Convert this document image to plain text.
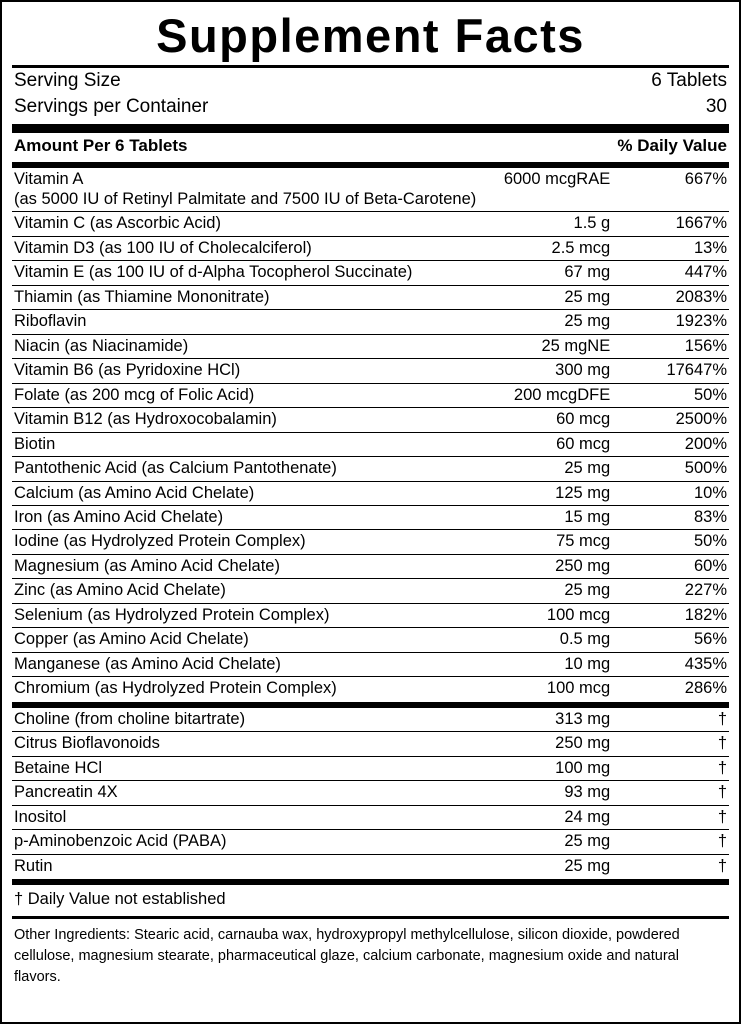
Supplement Facts
Serving Size	6 Tablets
Servings per Container	30
Amount Per 6 Tablets	% Daily Value
Vitamin A	6000 mcgRAE	667%
(as 5000 IU of Retinyl Palmitate and 7500 IU of Beta-Carotene)		
Vitamin C (as Ascorbic Acid)	1.5 g	1667%
Vitamin D3 (as 100 IU of Cholecalciferol)	2.5 mcg	13%
Vitamin E (as 100 IU of d-Alpha Tocopherol Succinate)	67 mg	447%
Thiamin (as Thiamine Mononitrate)	25 mg	2083%
Riboflavin	25 mg	1923%
Niacin (as Niacinamide)	25 mgNE	156%
Vitamin B6 (as Pyridoxine HCl)	300 mg	17647%
Folate (as 200 mcg of Folic Acid)	200 mcgDFE	50%
Vitamin B12 (as Hydroxocobalamin)	60 mcg	2500%
Biotin	60 mcg	200%
Pantothenic Acid (as Calcium Pantothenate)	25 mg	500%
Calcium (as Amino Acid Chelate)	125 mg	10%
Iron (as Amino Acid Chelate)	15 mg	83%
Iodine (as Hydrolyzed Protein Complex)	75 mcg	50%
Magnesium (as Amino Acid Chelate)	250 mg	60%
Zinc (as Amino Acid Chelate)	25 mg	227%
Selenium (as Hydrolyzed Protein Complex)	100 mcg	182%
Copper (as Amino Acid Chelate)	0.5 mg	56%
Manganese (as Amino Acid Chelate)	10 mg	435%
Chromium (as Hydrolyzed Protein Complex)	100 mcg	286%
Choline (from choline bitartrate)	313 mg	†
Citrus Bioflavonoids	250 mg	†
Betaine HCl	100 mg	†
Pancreatin 4X	93 mg	†
Inositol	24 mg	†
p-Aminobenzoic Acid (PABA)	25 mg	†
Rutin	25 mg	†
† Daily Value not established
Other Ingredients: Stearic acid, carnauba wax, hydroxypropyl methylcellulose, silicon dioxide, powdered cellulose, magnesium stearate, pharmaceutical glaze, calcium carbonate, magnesium oxide and natural flavors.
